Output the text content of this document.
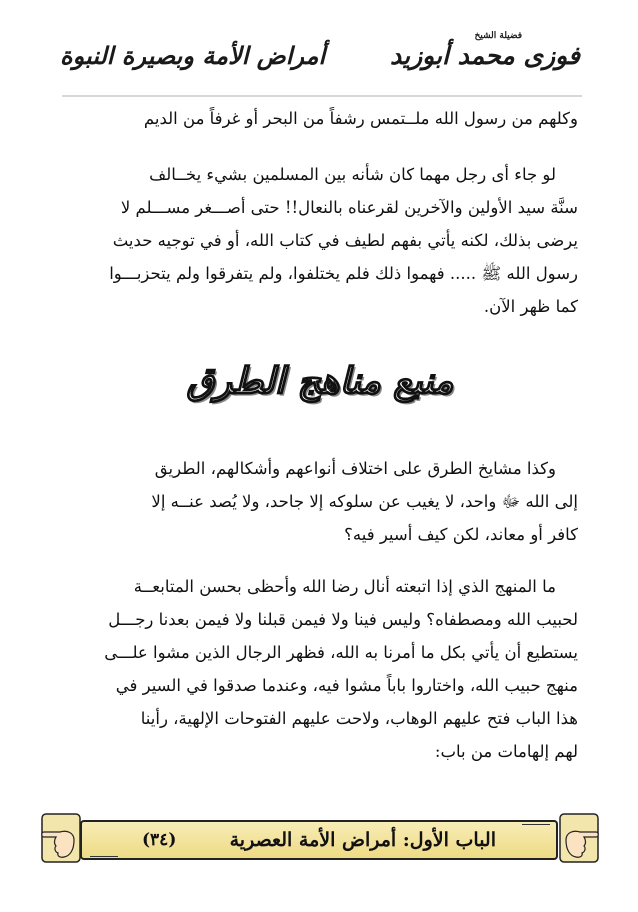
فضيلة الشيخ
فوزى محمد أبوزيد
أمراض الأمة وبصيرة النبوة
وكلهم من رسول الله ملــتمس رشفاً من البحر أو غرفاً من الديم
لو جاء أى رجل مهما كان شأنه بين المسلمين بشيء يخــالف
سنَّة سيد الأولين والآخرين لقرعناه بالنعال!! حتى أصـــغر مســـلم لا
يرضى بذلك، لكنه يأتي بفهم لطيف في كتاب الله، أو في توجيه حديث
رسول الله ﷺ ..... فهموا ذلك فلم يختلفوا، ولم يتفرقوا ولم يتحزبـــوا
كما ظهر الآن.
منبع مناهج الطرق
وكذا مشايخ الطرق على اختلاف أنواعهم وأشكالهم، الطريق
إلى الله ﷻ واحد، لا يغيب عن سلوكه إلا جاحد، ولا يُصد عنــه إلا
كافر أو معاند، لكن كيف أسير فيه؟
ما المنهج الذي إذا اتبعته أنال رضا الله وأحظى بحسن المتابعــة
لحبيب الله ومصطفاه؟ وليس فينا ولا فيمن قبلنا ولا فيمن بعدنا رجـــل
يستطيع أن يأتي بكل ما أمرنا به الله، فظهر الرجال الذين مشوا علـــى
منهج حبيب الله، واختاروا باباً مشوا فيه، وعندما صدقوا في السير في
هذا الباب فتح عليهم الوهاب، ولاحت عليهم الفتوحات الإلهية، رأينا
لهم إلهامات من باب:
الباب الأول: أمراض الأمة العصرية
(٣٤)
